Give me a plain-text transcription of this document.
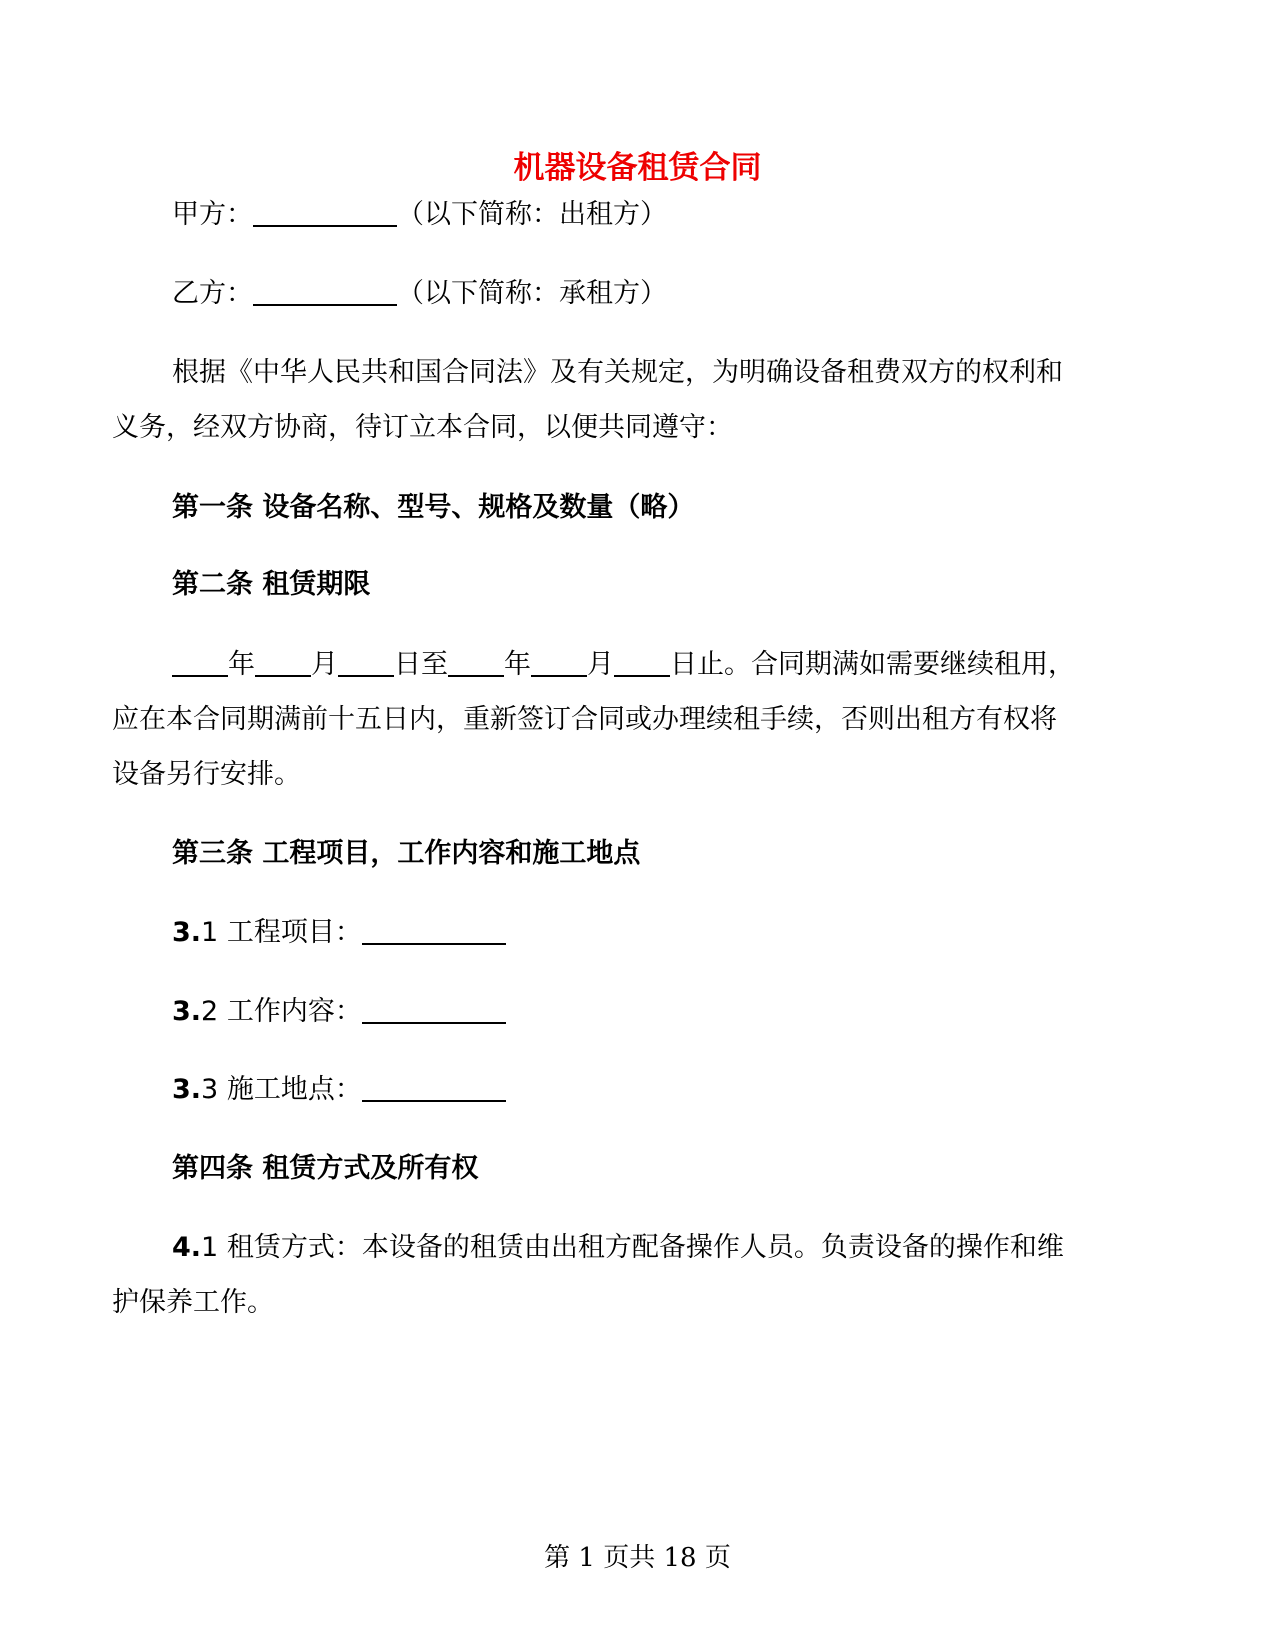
机器设备租赁合同
甲方：	（以下简称：出租方）
乙方：	（以下简称：承租方）
根据《中华人民共和国合同法》及有关规定，为明确设备租费双方的权利和
义务，经双方协商，待订立本合同，以便共同遵守：
第一条 设备名称、型号、规格及数量（略）
第二条 租赁期限
年 月 日至 年 月 日止。合同期满如需要继续租用，
应在本合同期满前十五日内，重新签订合同或办理续租手续，否则出租方有权将
设备另行安排。
第三条 工程项目，工作内容和施工地点
3.1 工程项目：
3.2 工作内容：
3.3 施工地点：
第四条 租赁方式及所有权
4.1 租赁方式：本设备的租赁由出租方配备操作人员。负责设备的操作和维
护保养工作。
第 1 页共 18 页
